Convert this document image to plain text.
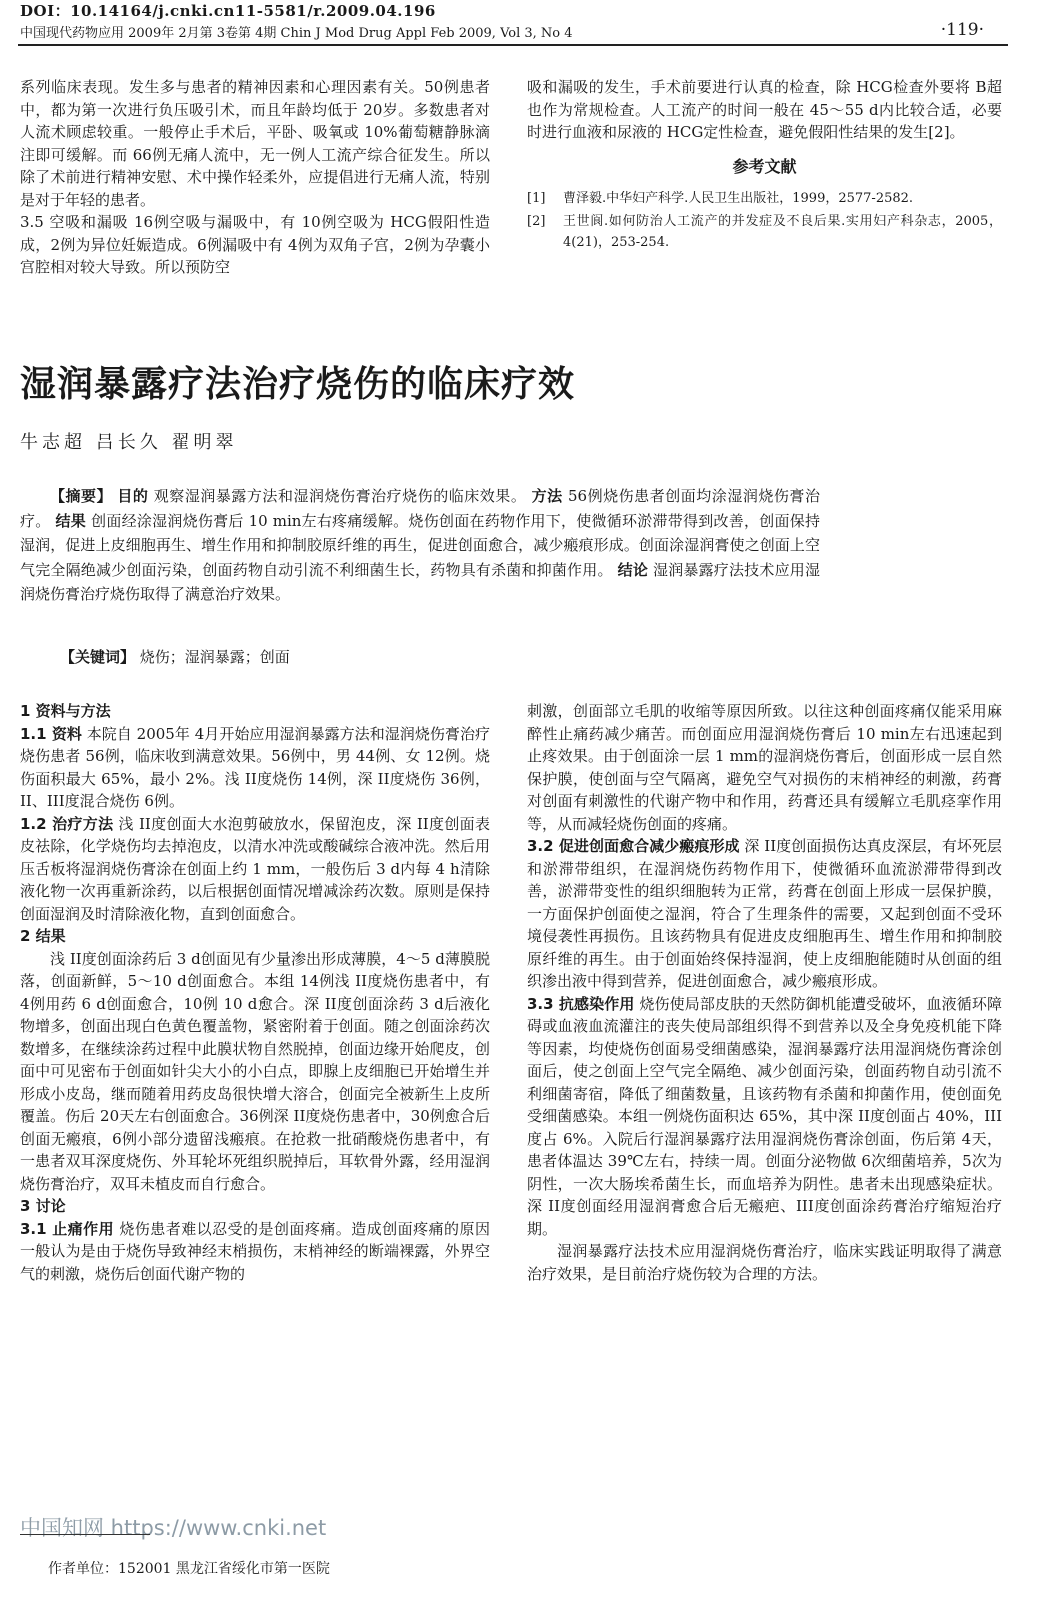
DOI：10.14164/j.cnki.cn11-5581/r.2009.04.196
中国现代药物应用 2009年 2月第 3卷第 4期 Chin J Mod Drug Appl Feb 2009, Vol 3, No 4	·119·

系列临床表现。发生多与患者的精神因素和心理因素有关。50例患者中，都为第一次进行负压吸引术，而且年龄均低于 20岁。多数患者对人流术顾虑较重。一般停止手术后，平卧、吸氧或 10%葡萄糖静脉滴注即可缓解。而 66例无痛人流中，无一例人工流产综合征发生。所以除了术前进行精神安慰、术中操作轻柔外，应提倡进行无痛人流，特别是对于年轻的患者。

3.5 空吸和漏吸 16例空吸与漏吸中，有 10例空吸为 HCG假阳性造成，2例为异位妊娠造成。6例漏吸中有 4例为双角子宫，2例为孕囊小宫腔相对较大导致。所以预防空

吸和漏吸的发生，手术前要进行认真的检查，除 HCG检查外要将 B超也作为常规检查。人工流产的时间一般在 45～55 d内比较合适，必要时进行血液和尿液的 HCG定性检查，避免假阳性结果的发生[2]。

参考文献
[1]	曹泽毅.中华妇产科学.人民卫生出版社，1999，2577-2582.
[2]	王世阆.如何防治人工流产的并发症及不良后果.实用妇产科杂志，2005，4(21)，253-254.
湿润暴露疗法治疗烧伤的临床疗效
牛志超 吕长久 翟明翠

【摘要】 目的 观察湿润暴露方法和湿润烧伤膏治疗烧伤的临床效果。 方法 56例烧伤患者创面均涂湿润烧伤膏治疗。 结果 创面经涂湿润烧伤膏后 10 min左右疼痛缓解。烧伤创面在药物作用下，使微循环淤滞带得到改善，创面保持湿润，促进上皮细胞再生、增生作用和抑制胶原纤维的再生，促进创面愈合，减少瘢痕形成。创面涂湿润膏使之创面上空气完全隔绝减少创面污染，创面药物自动引流不利细菌生长，药物具有杀菌和抑菌作用。 结论 湿润暴露疗法技术应用湿润烧伤膏治疗烧伤取得了满意治疗效果。

【关键词】 烧伤；湿润暴露；创面
1 资料与方法

1.1 资料 本院自 2005年 4月开始应用湿润暴露方法和湿润烧伤膏治疗烧伤患者 56例，临床收到满意效果。56例中，男 44例、女 12例。烧伤面积最大 65%，最小 2%。浅 II度烧伤 14例，深 II度烧伤 36例，II、III度混合烧伤 6例。

1.2 治疗方法 浅 II度创面大水泡剪破放水，保留泡皮，深 II度创面表皮祛除，化学烧伤均去掉泡皮，以清水冲洗或酸碱综合液冲洗。然后用压舌板将湿润烧伤膏涂在创面上约 1 mm，一般伤后 3 d内每 4 h清除液化物一次再重新涂药，以后根据创面情况增减涂药次数。原则是保持创面湿润及时清除液化物，直到创面愈合。

2 结果

浅 II度创面涂药后 3 d创面见有少量渗出形成薄膜，4～5 d薄膜脱落，创面新鲜，5～10 d创面愈合。本组 14例浅 II度烧伤患者中，有 4例用药 6 d创面愈合，10例 10 d愈合。深 II度创面涂药 3 d后液化物增多，创面出现白色黄色覆盖物，紧密附着于创面。随之创面涂药次数增多，在继续涂药过程中此膜状物自然脱掉，创面边缘开始爬皮，创面中可见密布于创面如针尖大小的小白点，即腺上皮细胞已开始增生并形成小皮岛，继而随着用药皮岛很快增大溶合，创面完全被新生上皮所覆盖。伤后 20天左右创面愈合。36例深 II度烧伤患者中，30例愈合后创面无瘢痕，6例小部分遗留浅瘢痕。在抢救一批硝酸烧伤患者中，有一患者双耳深度烧伤、外耳轮坏死组织脱掉后，耳软骨外露，经用湿润烧伤膏治疗，双耳未植皮而自行愈合。

3 讨论

3.1 止痛作用 烧伤患者难以忍受的是创面疼痛。造成创面疼痛的原因一般认为是由于烧伤导致神经末梢损伤，末梢神经的断端裸露，外界空气的刺激，烧伤后创面代谢产物的

刺激，创面部立毛肌的收缩等原因所致。以往这种创面疼痛仅能采用麻醉性止痛药减少痛苦。而创面应用湿润烧伤膏后 10 min左右迅速起到止疼效果。由于创面涂一层 1 mm的湿润烧伤膏后，创面形成一层自然保护膜，使创面与空气隔离，避免空气对损伤的末梢神经的刺激，药膏对创面有刺激性的代谢产物中和作用，药膏还具有缓解立毛肌痉挛作用等，从而减轻烧伤创面的疼痛。

3.2 促进创面愈合减少瘢痕形成 深 II度创面损伤达真皮深层，有坏死层和淤滞带组织，在湿润烧伤药物作用下，使微循环血流淤滞带得到改善，淤滞带变性的组织细胞转为正常，药膏在创面上形成一层保护膜，一方面保护创面使之湿润，符合了生理条件的需要，又起到创面不受环境侵袭性再损伤。且该药物具有促进皮皮细胞再生、增生作用和抑制胶原纤维的再生。由于创面始终保持湿润，使上皮细胞能随时从创面的组织渗出液中得到营养，促进创面愈合，减少瘢痕形成。

3.3 抗感染作用 烧伤使局部皮肤的天然防御机能遭受破坏，血液循环障碍或血液血流灌注的丧失使局部组织得不到营养以及全身免疫机能下降等因素，均使烧伤创面易受细菌感染，湿润暴露疗法用湿润烧伤膏涂创面后，使之创面上空气完全隔绝、减少创面污染，创面药物自动引流不利细菌寄宿，降低了细菌数量，且该药物有杀菌和抑菌作用，使创面免受细菌感染。本组一例烧伤面积达 65%，其中深 II度创面占 40%，III度占 6%。入院后行湿润暴露疗法用湿润烧伤膏涂创面，伤后第 4天，患者体温达 39℃左右，持续一周。创面分泌物做 6次细菌培养，5次为阴性，一次大肠埃希菌生长，而血培养为阴性。患者未出现感染症状。深 II度创面经用湿润膏愈合后无瘢疤、III度创面涂药膏治疗缩短治疗期。

湿润暴露疗法技术应用湿润烧伤膏治疗，临床实践证明取得了满意治疗效果，是目前治疗烧伤较为合理的方法。

中国知网 https://www.cnki.net
作者单位：152001 黑龙江省绥化市第一医院
